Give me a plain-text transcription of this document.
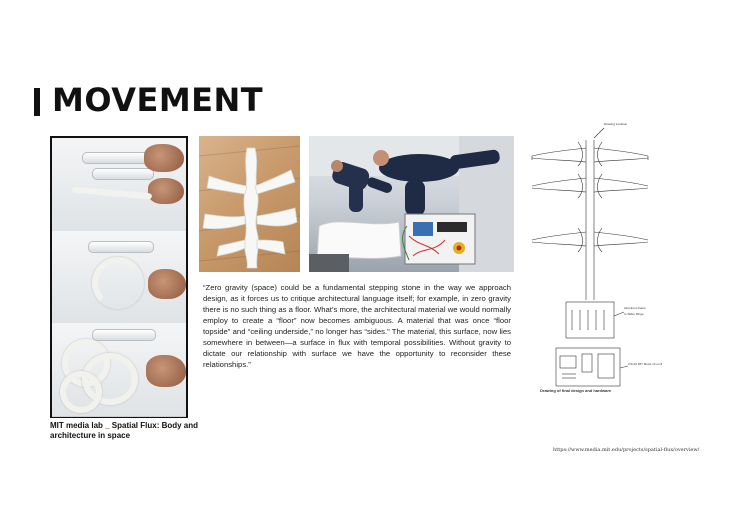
MOVEMENT
Drawing Location
Aluminum frame
to Slider Rings
3.5x10 MIT Motor x3 on 8
Drawing of final design and hardware

MIT media lab _ Spatial Flux: Body and architecture in space

“Zero gravity (space) could be a fundamental stepping stone in the way we approach design, as it forces us to critique architectural language itself; for example, in zero gravity there is no such thing as a floor. What’s more, the architectural material we would normally employ to create a “floor” now becomes ambiguous. A material that was once “floor topside” and “ceiling underside,” no longer has “sides.” The material, this surface, now lies somewhere in between—a surface in flux with temporal possibilities. Without gravity to dictate our relationship with surface we have the opportunity to reconsider these relationships.”

https://www.media.mit.edu/projects/spatial-flux/overview/
